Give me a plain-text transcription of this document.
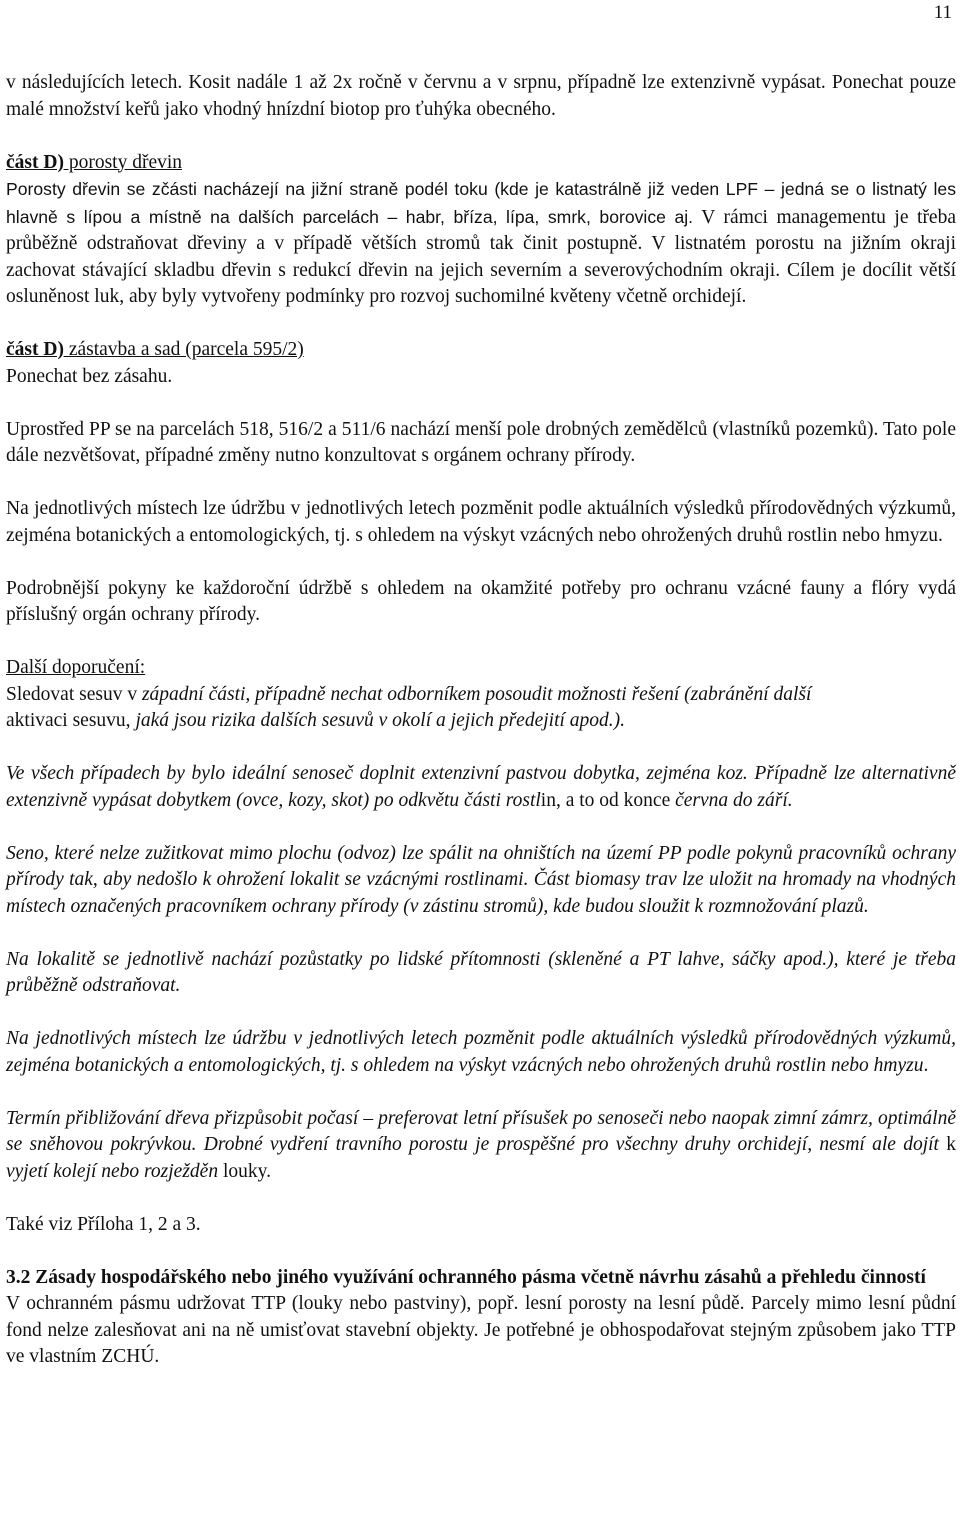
11

v následujících letech. Kosit nadále 1 až 2x ročně v červnu a v srpnu, případně lze extenzivně vypásat. Ponechat pouze malé množství keřů jako vhodný hnízdní biotop pro ťuhýka obecného.

část D) porosty dřevin

Porosty dřevin se zčásti nacházejí na jižní straně podél toku (kde je katastrálně již veden LPF – jedná se o listnatý les hlavně s lípou a místně na dalších parcelách – habr, bříza, lípa, smrk, borovice aj. V rámci managementu je třeba průběžně odstraňovat dřeviny a v případě větších stromů tak činit postupně. V listnatém porostu na jižním okraji zachovat stávající skladbu dřevin s redukcí dřevin na jejich severním a severovýchodním okraji. Cílem je docílit větší osluněnost luk, aby byly vytvořeny podmínky pro rozvoj suchomilné květeny včetně orchidejí.

část D) zástavba a sad (parcela 595/2)

Ponechat bez zásahu.

Uprostřed PP se na parcelách 518, 516/2 a 511/6 nachází menší pole drobných zemědělců (vlastníků pozemků). Tato pole dále nezvětšovat, případné změny nutno konzultovat s orgánem ochrany přírody.

Na jednotlivých místech lze údržbu v jednotlivých letech pozměnit podle aktuálních výsledků přírodovědných výzkumů, zejména botanických a entomologických, tj. s ohledem na výskyt vzácných nebo ohrožených druhů rostlin nebo hmyzu.

Podrobnější pokyny ke každoroční údržbě s ohledem na okamžité potřeby pro ochranu vzácné fauny a flóry vydá příslušný orgán ochrany přírody.

Další doporučení:

Sledovat sesuv v západní části, případně nechat odborníkem posoudit možnosti řešení (zabránění další
aktivaci sesuvu, jaká jsou rizika dalších sesuvů v okolí a jejich předejití apod.).

Ve všech případech by bylo ideální senoseč doplnit extenzivní pastvou dobytka, zejména koz. Případně lze alternativně extenzivně vypásat dobytkem (ovce, kozy, skot) po odkvětu části rostlin, a to od konce června do září.

Seno, které nelze zužitkovat mimo plochu (odvoz) lze spálit na ohništích na území PP podle pokynů pracovníků ochrany přírody tak, aby nedošlo k ohrožení lokalit se vzácnými rostlinami. Část biomasy trav lze uložit na hromady na vhodných místech označených pracovníkem ochrany přírody (v zástinu stromů), kde budou sloužit k rozmnožování plazů.

Na lokalitě se jednotlivě nachází pozůstatky po lidské přítomnosti (skleněné a PT lahve, sáčky apod.), které je třeba průběžně odstraňovat.

Na jednotlivých místech lze údržbu v jednotlivých letech pozměnit podle aktuálních výsledků přírodovědných výzkumů, zejména botanických a entomologických, tj. s ohledem na výskyt vzácných nebo ohrožených druhů rostlin nebo hmyzu.

Termín přibližování dřeva přizpůsobit počasí – preferovat letní přísušek po senoseči nebo naopak zimní zámrz, optimálně se sněhovou pokrývkou. Drobné vydření travního porostu je prospěšné pro všechny druhy orchidejí, nesmí ale dojít k vyjetí kolejí nebo rozježděn louky.

Také viz Příloha 1, 2 a 3.

3.2 Zásady hospodářského nebo jiného využívání ochranného pásma včetně návrhu zásahů a přehledu činností

V ochranném pásmu udržovat TTP (louky nebo pastviny), popř. lesní porosty na lesní půdě. Parcely mimo lesní půdní fond nelze zalesňovat ani na ně umisťovat stavební objekty. Je potřebné je obhospodařovat stejným způsobem jako TTP ve vlastním ZCHÚ.
